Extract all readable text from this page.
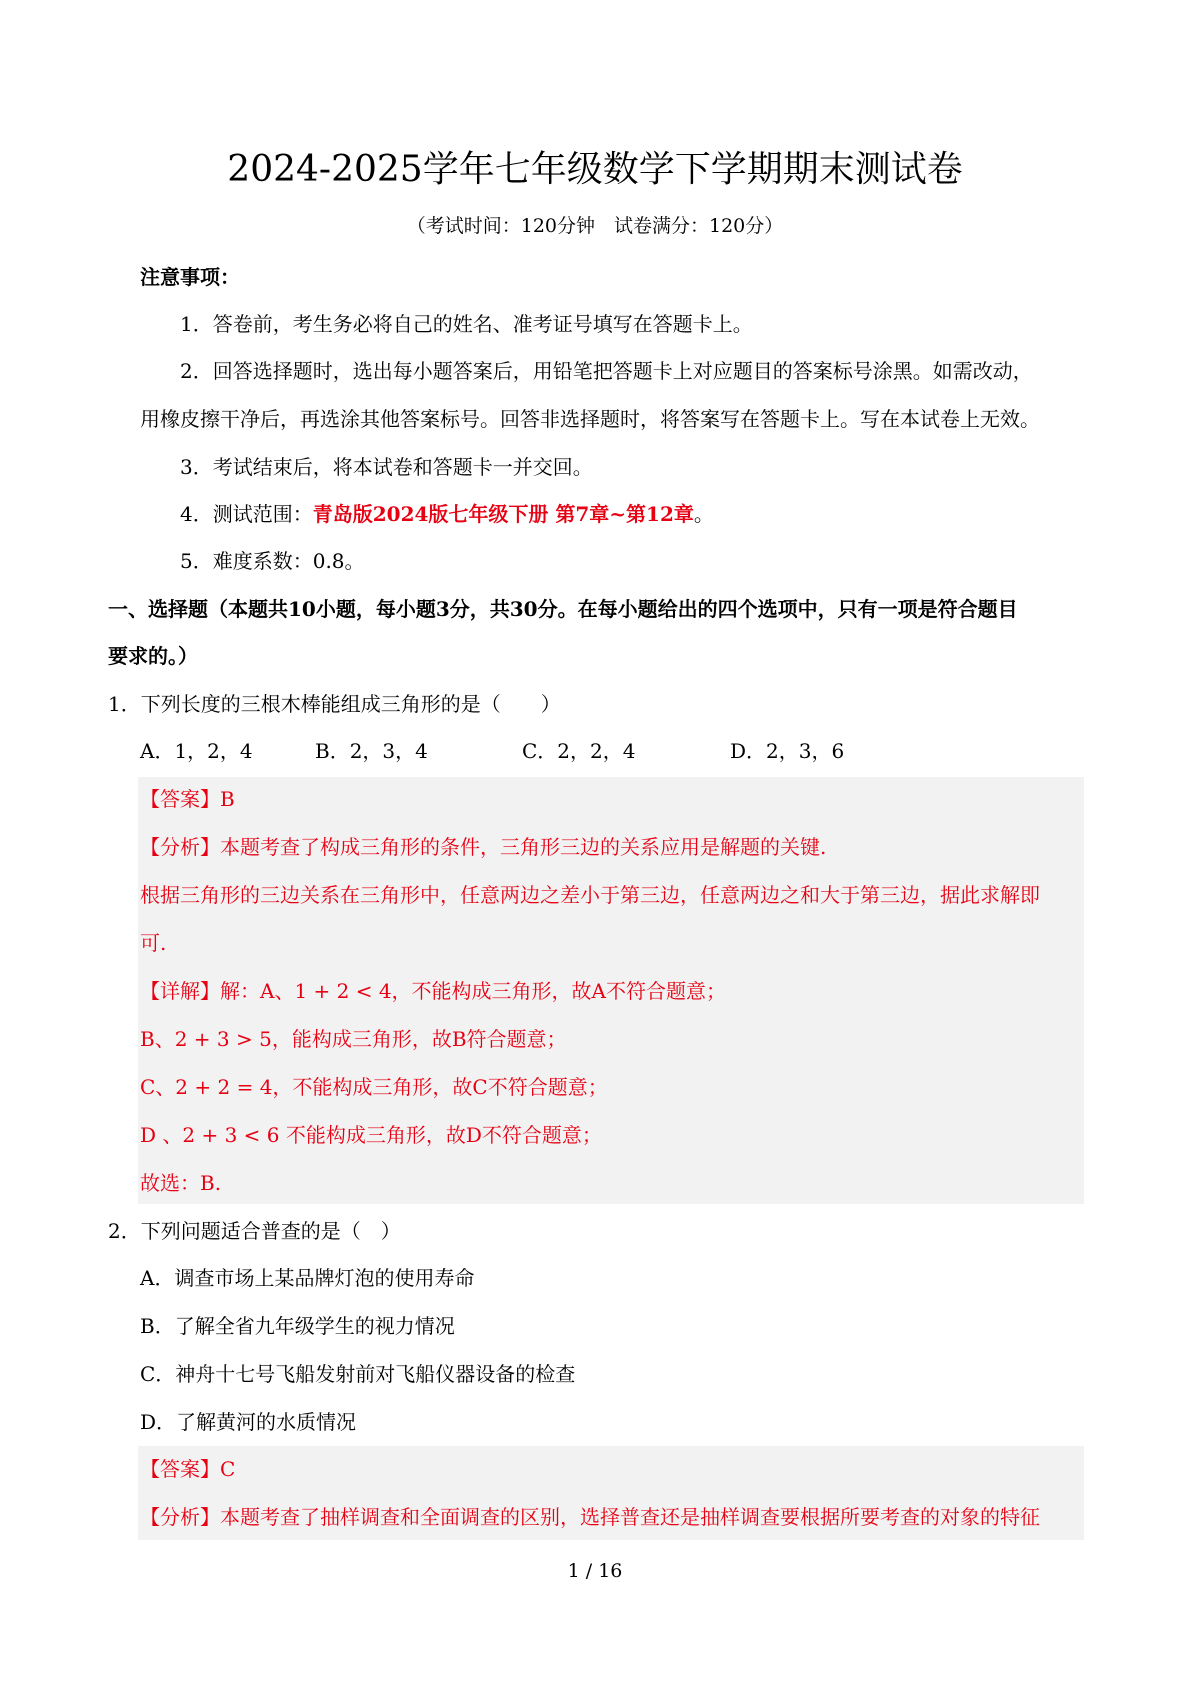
2024-2025学年七年级数学下学期期末测试卷
（考试时间：120分钟　试卷满分：120分）
注意事项：
1．答卷前，考生务必将自己的姓名、准考证号填写在答题卡上。
2．回答选择题时，选出每小题答案后，用铅笔把答题卡上对应题目的答案标号涂黑。如需改动，
用橡皮擦干净后，再选涂其他答案标号。回答非选择题时，将答案写在答题卡上。写在本试卷上无效。
3．考试结束后，将本试卷和答题卡一并交回。
4．测试范围：青岛版2024版七年级下册 第7章~第12章。
5．难度系数：0.8。
一、选择题（本题共10小题，每小题3分，共30分。在每小题给出的四个选项中，只有一项是符合题目
要求的。）
1．下列长度的三根木棒能组成三角形的是（　　）
A．1，2，4	B．2，3，4	C．2，2，4	D．2，3，6
【答案】B
【分析】本题考查了构成三角形的条件，三角形三边的关系应用是解题的关键.
根据三角形的三边关系在三角形中，任意两边之差小于第三边，任意两边之和大于第三边，据此求解即
可.
【详解】解：A、1 + 2 < 4，不能构成三角形，故A不符合题意；
B、2 + 3 > 5，能构成三角形，故B符合题意；
C、2 + 2 = 4，不能构成三角形，故C不符合题意；
D 、2 + 3 < 6 不能构成三角形，故D不符合题意；
故选：B.
2．下列问题适合普查的是（　）
A．调查市场上某品牌灯泡的使用寿命
B．了解全省九年级学生的视力情况
C．神舟十七号飞船发射前对飞船仪器设备的检查
D．了解黄河的水质情况
【答案】C
【分析】本题考查了抽样调查和全面调查的区别，选择普查还是抽样调查要根据所要考查的对象的特征
1 / 16
